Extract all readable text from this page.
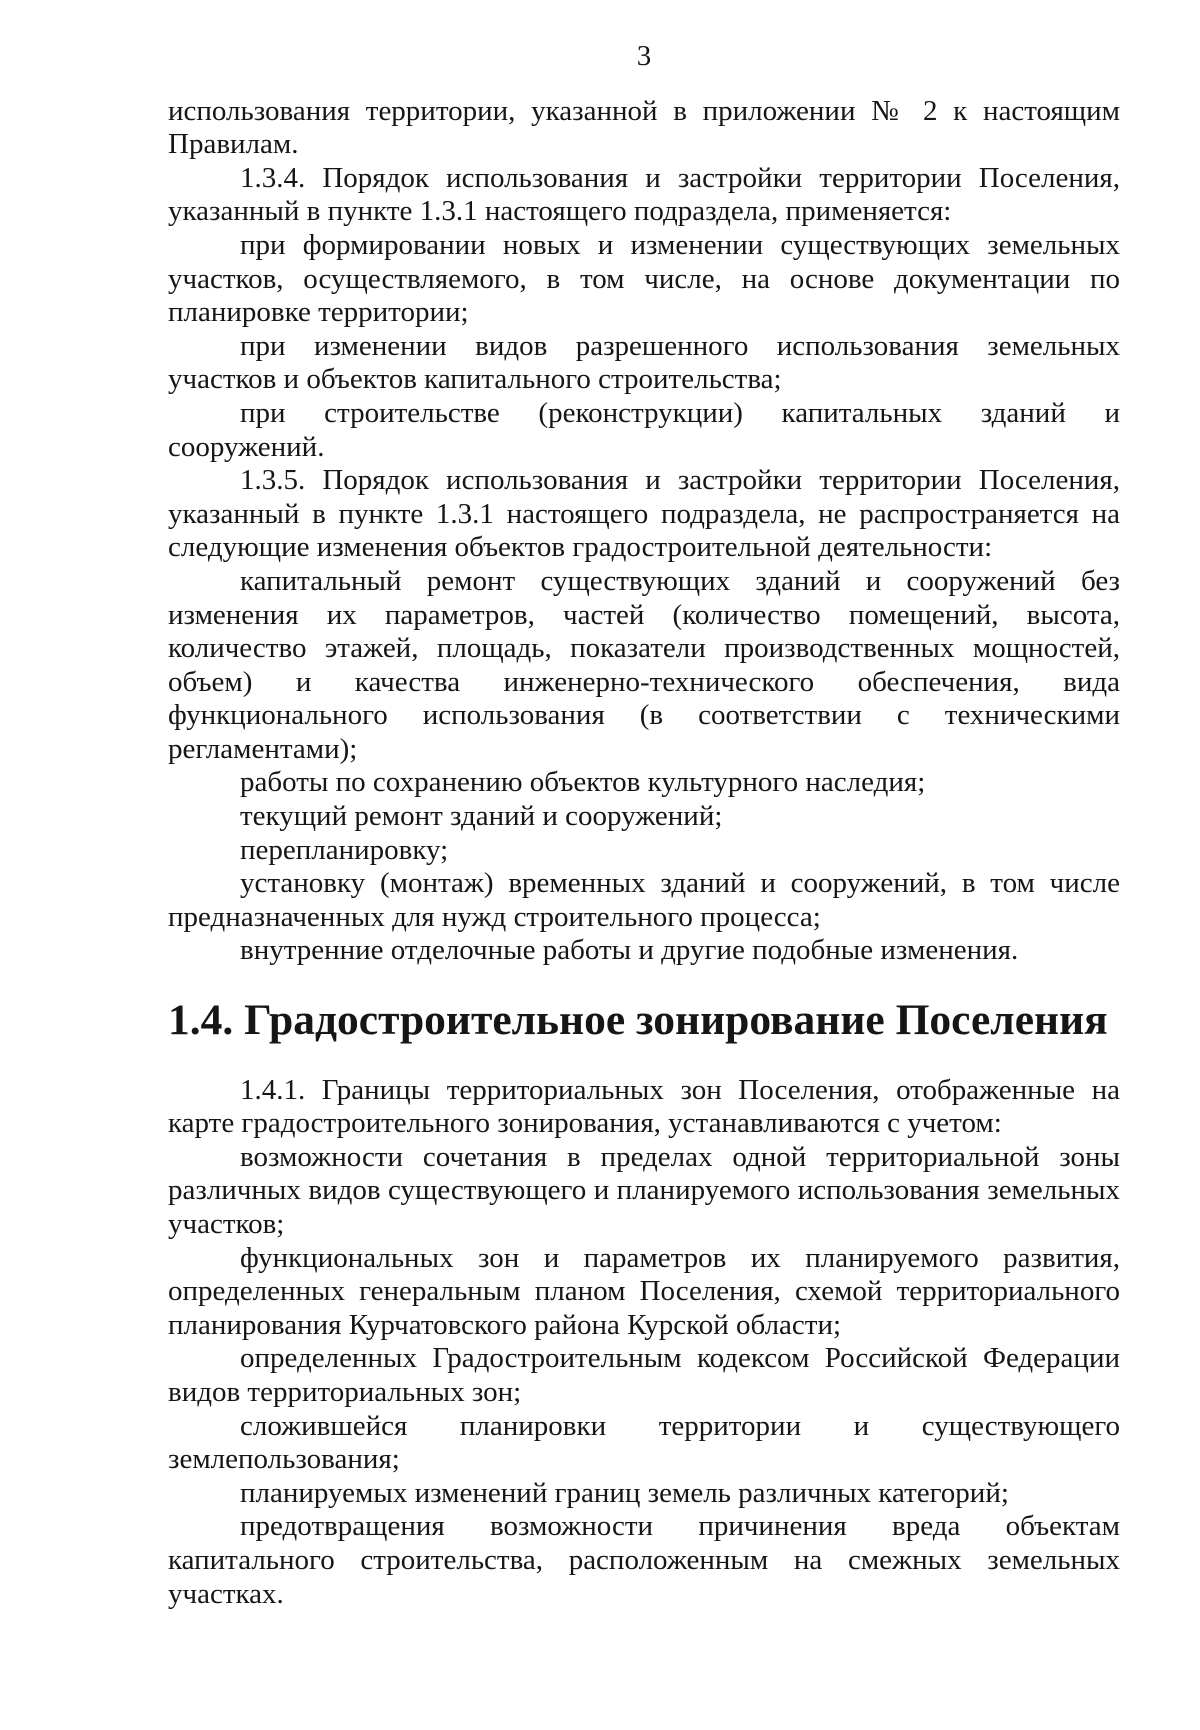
3

использования территории, указанной в приложении № 2 к настоящим Правилам.

1.3.4. Порядок использования и застройки территории Поселения, указанный в пункте 1.3.1 настоящего подраздела, применяется:

при формировании новых и изменении существующих земельных участков, осуществляемого, в том числе, на основе документации по планировке территории;

при изменении видов разрешенного использования земельных участков и объектов капитального строительства;

при строительстве (реконструкции) капитальных зданий и сооружений.

1.3.5. Порядок использования и застройки территории Поселения, указанный в пункте 1.3.1 настоящего подраздела, не распространяется на следующие изменения объектов градостроительной деятельности:

капитальный ремонт существующих зданий и сооружений без изменения их параметров, частей (количество помещений, высота, количество этажей, площадь, показатели производственных мощностей, объем) и качества инженерно-технического обеспечения, вида функционального использования (в соответствии с техническими регламентами);

работы по сохранению объектов культурного наследия;

текущий ремонт зданий и сооружений;

перепланировку;

установку (монтаж) временных зданий и сооружений, в том числе предназначенных для нужд строительного процесса;

внутренние отделочные работы и другие подобные изменения.

1.4. Градостроительное зонирование Поселения

1.4.1. Границы территориальных зон Поселения, отображенные на карте градостроительного зонирования, устанавливаются с учетом:

возможности сочетания в пределах одной территориальной зоны различных видов существующего и планируемого использования земельных участков;

функциональных зон и параметров их планируемого развития, определенных генеральным планом Поселения, схемой территориального планирования Курчатовского района Курской области;

определенных Градостроительным кодексом Российской Федерации видов территориальных зон;

сложившейся планировки территории и существующего землепользования;

планируемых изменений границ земель различных категорий;

предотвращения возможности причинения вреда объектам капитального строительства, расположенным на смежных земельных участках.
